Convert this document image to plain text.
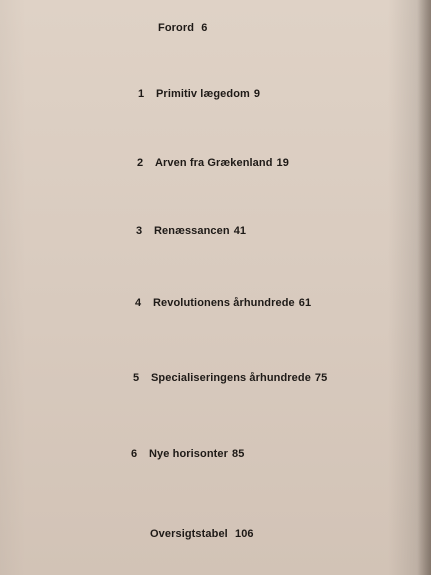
Forord 6
1 Primitiv lægedom 9
2 Arven fra Grækenland 19
3 Renæssancen 41
4 Revolutionens århundrede 61
5 Specialiseringens århundrede 75
6 Nye horisonter 85
Oversigtstabel 106
